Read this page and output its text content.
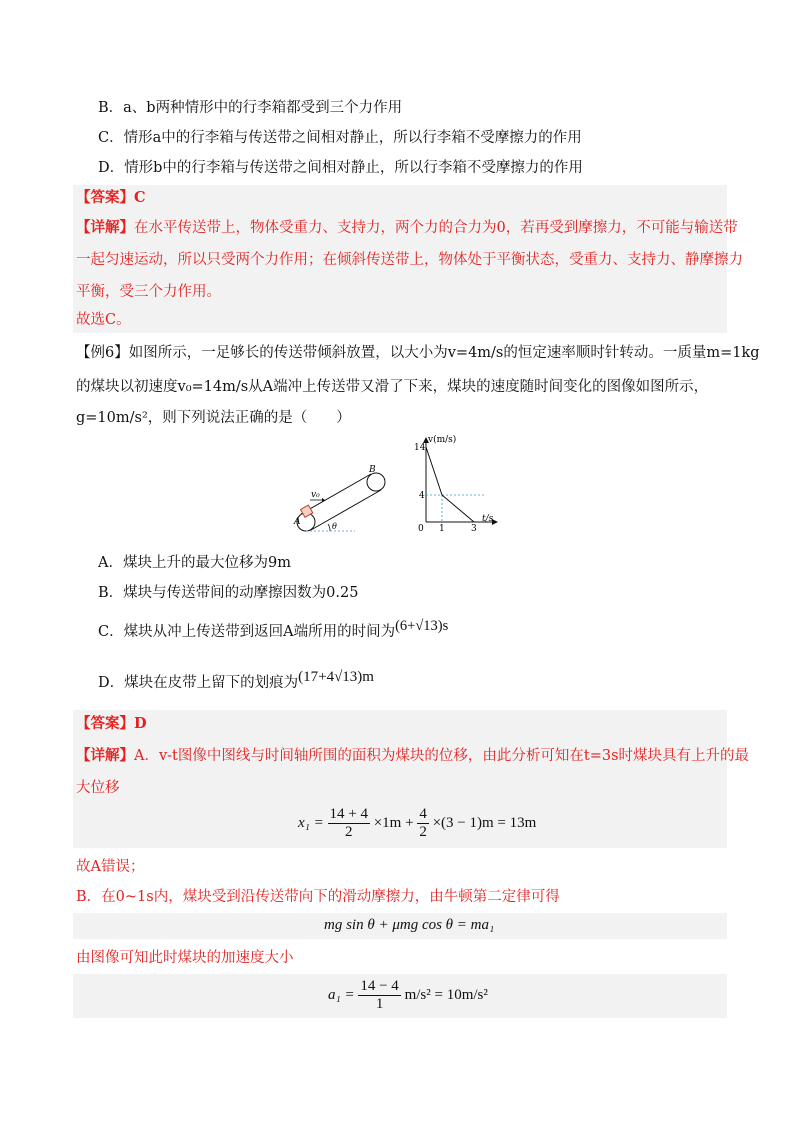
B．a、b两种情形中的行李箱都受到三个力作用
C．情形a中的行李箱与传送带之间相对静止，所以行李箱不受摩擦力的作用
D．情形b中的行李箱与传送带之间相对静止，所以行李箱不受摩擦力的作用
【答案】C
【详解】在水平传送带上，物体受重力、支持力，两个力的合力为0，若再受到摩擦力，不可能与输送带
一起匀速运动，所以只受两个力作用；在倾斜传送带上，物体处于平衡状态，受重力、支持力、静摩擦力
平衡，受三个力作用。
故选C。
【例6】如图所示，一足够长的传送带倾斜放置，以大小为v=4m/s的恒定速率顺时针转动。一质量m=1kg
的煤块以初速度v₀=14m/s从A端冲上传送带又滑了下来，煤块的速度随时间变化的图像如图所示，
g=10m/s²，则下列说法正确的是（　　）
A
B
v₀
θ
v(m/s)
t/s
14
4
0 1	3
A．煤块上升的最大位移为9m
B．煤块与传送带间的动摩擦因数为0.25
C．煤块从冲上传送带到返回A端所用的时间为(6+√13)s
D．煤块在皮带上留下的划痕为(17+4√13)m
【答案】D
【详解】A．v-t图像中图线与时间轴所围的面积为煤块的位移，由此分析可知在t=3s时煤块具有上升的最
大位移
$x_1 = \frac{14 + 4}{2} \times 1m + \frac{4}{2} \times(3 - 1)m = 13m$
故A错误；
B．在0~1s内，煤块受到沿传送带向下的滑动摩擦力，由牛顿第二定律可得
mg sin θ + μmg cos θ = ma₁
由图像可知此时煤块的加速度大小
$a_1 = \frac{14 - 4}{1} m/s^2 = 10m/s^2$
